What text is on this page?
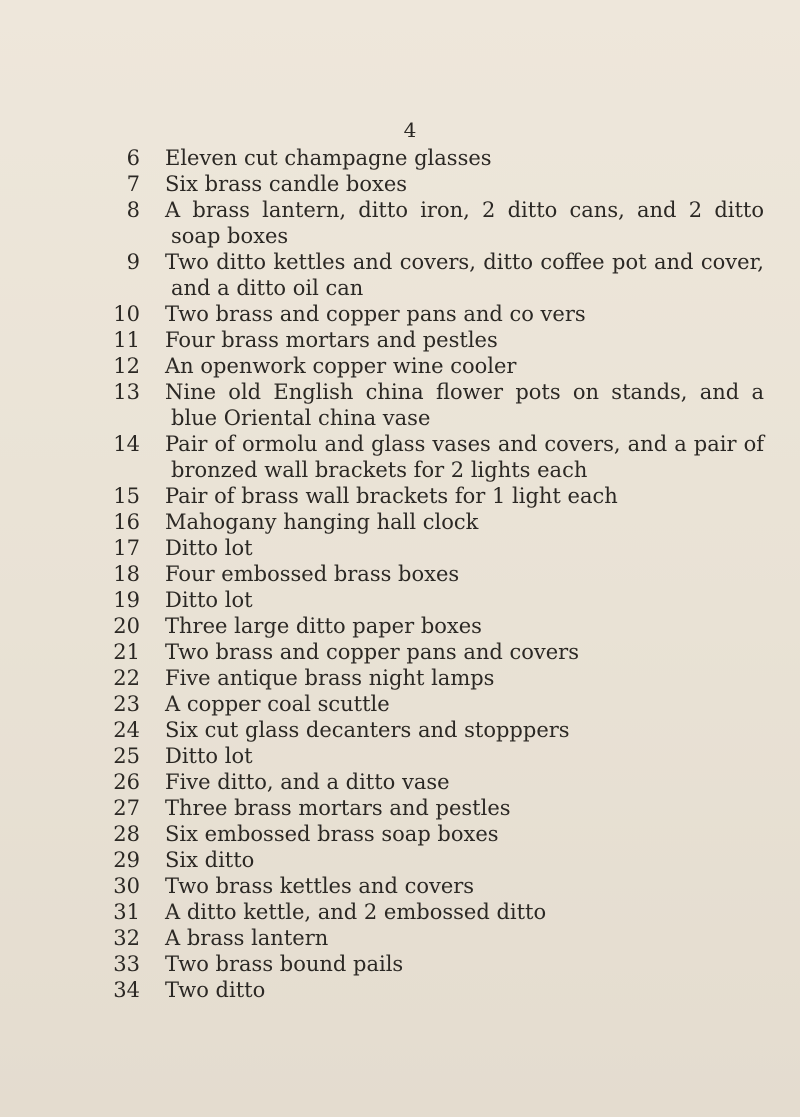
4
6 Eleven cut champagne glasses
7 Six brass candle boxes
8 A brass lantern, ditto iron, 2 ditto cans, and 2 ditto soap boxes
9 Two ditto kettles and covers, ditto coffee pot and cover, and a ditto oil can
10 Two brass and copper pans and co vers
11 Four brass mortars and pestles
12 An openwork copper wine cooler
13 Nine old English china flower pots on stands, and a blue Oriental china vase
14 Pair of ormolu and glass vases and covers, and a pair of bronzed wall brackets for 2 lights each
15 Pair of brass wall brackets for 1 light each
16 Mahogany hanging hall clock
17 Ditto lot
18 Four embossed brass boxes
19 Ditto lot
20 Three large ditto paper boxes
21 Two brass and copper pans and covers
22 Five antique brass night lamps
23 A copper coal scuttle
24 Six cut glass decanters and stopppers
25 Ditto lot
26 Five ditto, and a ditto vase
27 Three brass mortars and pestles
28 Six embossed brass soap boxes
29 Six ditto
30 Two brass kettles and covers
31 A ditto kettle, and 2 embossed ditto
32 A brass lantern
33 Two brass bound pails
34 Two ditto
